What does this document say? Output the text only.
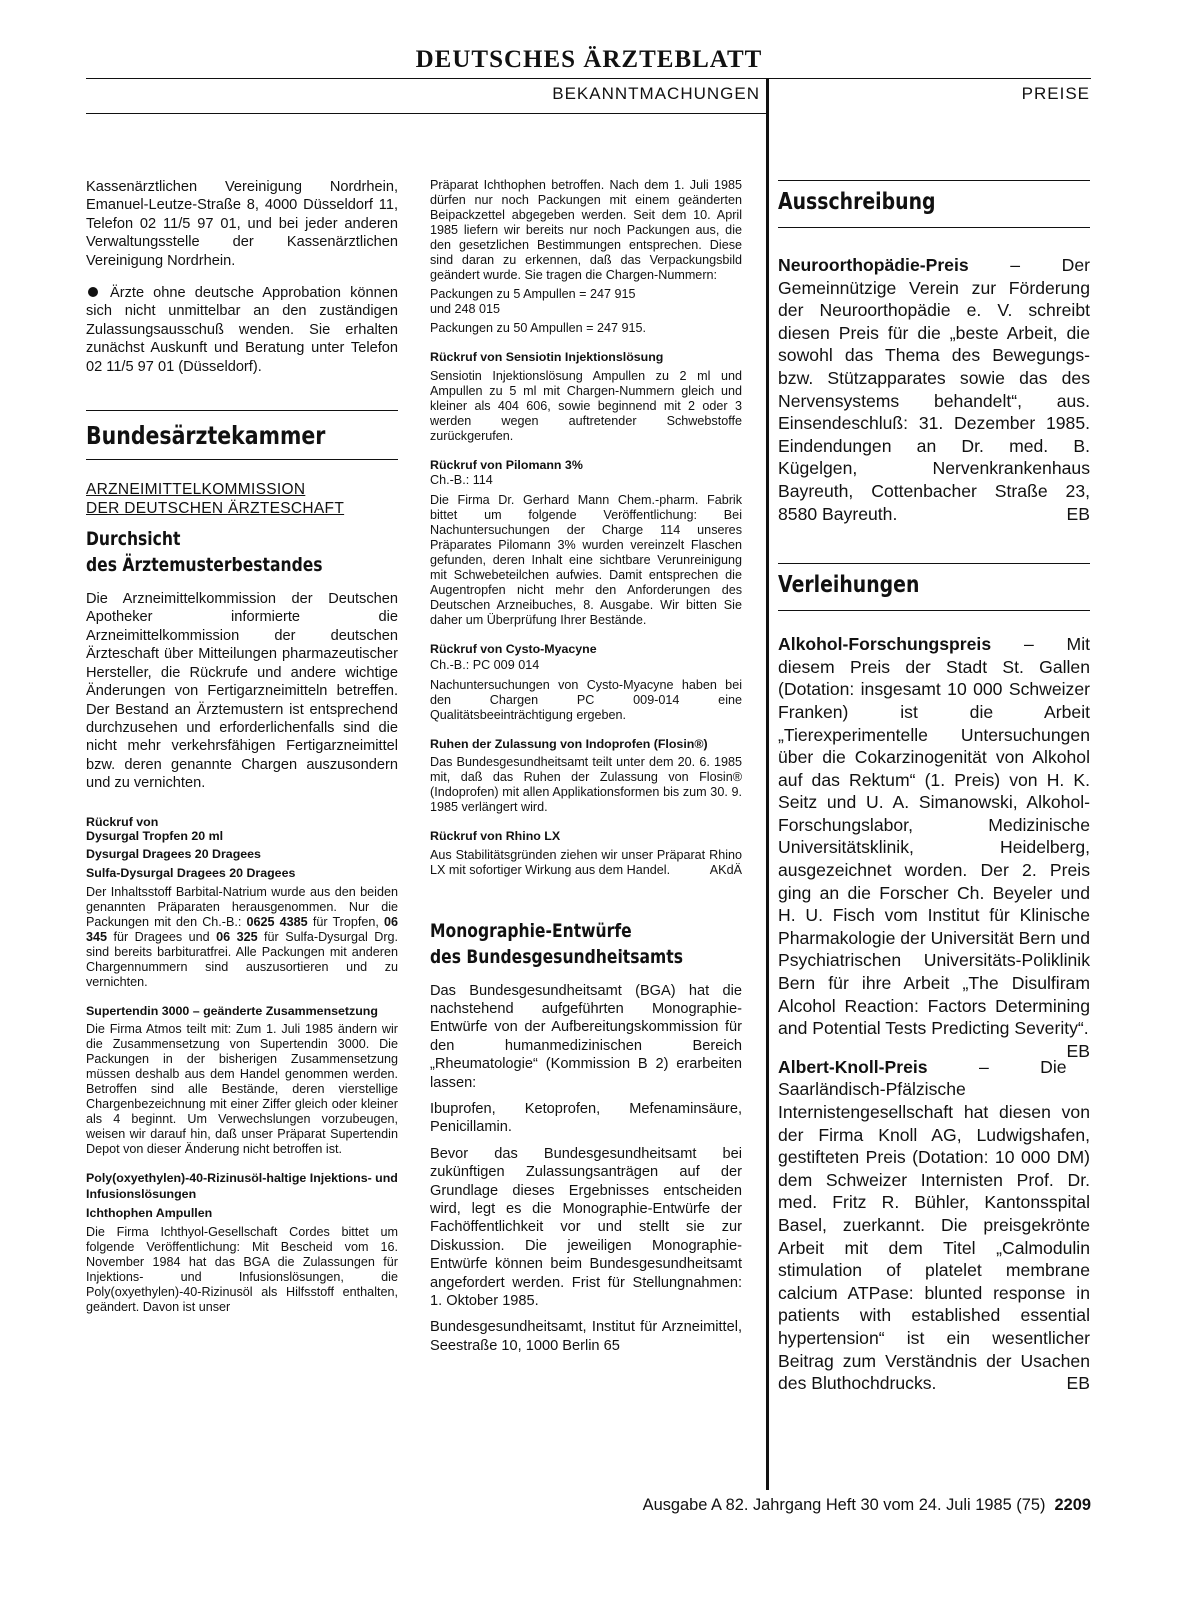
DEUTSCHES ÄRZTEBLATT
BEKANNTMACHUNGEN	PREISE

Kassenärztlichen Vereinigung Nordrhein, Emanuel-Leutze-Straße 8, 4000 Düsseldorf 11, Telefon 02 11/5 97 01, und bei jeder anderen Verwaltungsstelle der Kassenärztlichen Vereinigung Nordrhein.

Ärzte ohne deutsche Approbation können sich nicht unmittelbar an den zuständigen Zulassungsausschuß wenden. Sie erhalten zunächst Auskunft und Beratung unter Telefon 02 11/5 97 01 (Düsseldorf).

Bundesärztekammer
ARZNEIMITTELKOMMISSION
DER DEUTSCHEN ÄRZTESCHAFT
Durchsicht
des Ärztemusterbestandes

Die Arzneimittelkommission der Deutschen Apotheker informierte die Arzneimittelkommission der deutschen Ärzteschaft über Mitteilungen pharmazeutischer Hersteller, die Rückrufe und andere wichtige Änderungen von Fertigarzneimitteln betreffen. Der Bestand an Ärztemustern ist entsprechend durchzusehen und erforderlichenfalls sind die nicht mehr verkehrsfähigen Fertigarzneimittel bzw. deren genannte Chargen auszusondern und zu vernichten.

Rückruf von
Dysurgal Tropfen 20 ml
Dysurgal Dragees 20 Dragees
Sulfa-Dysurgal Dragees 20 Dragees

Der Inhaltsstoff Barbital-Natrium wurde aus den beiden genannten Präparaten herausgenommen. Nur die Packungen mit den Ch.-B.: 0625 4385 für Tropfen, 06 345 für Dragees und 06 325 für Sulfa-Dysurgal Drg. sind bereits barbituratfrei. Alle Packungen mit anderen Chargennummern sind auszusortieren und zu vernichten.

Supertendin 3000 – geänderte Zusammensetzung

Die Firma Atmos teilt mit: Zum 1. Juli 1985 ändern wir die Zusammensetzung von Supertendin 3000. Die Packungen in der bisherigen Zusammensetzung müssen deshalb aus dem Handel genommen werden. Betroffen sind alle Bestände, deren vierstellige Chargenbezeichnung mit einer Ziffer gleich oder kleiner als 4 beginnt. Um Verwechslungen vorzubeugen, weisen wir darauf hin, daß unser Präparat Supertendin Depot von dieser Änderung nicht betroffen ist.

Poly(oxyethylen)-40-Rizinusöl-haltige Injektions- und Infusionslösungen
Ichthophen Ampullen

Die Firma Ichthyol-Gesellschaft Cordes bittet um folgende Veröffentlichung: Mit Bescheid vom 16. November 1984 hat das BGA die Zulassungen für Injektions- und Infusionslösungen, die Poly(oxyethylen)-40-Rizinusöl als Hilfsstoff enthalten, geändert. Davon ist unser

Präparat Ichthophen betroffen. Nach dem 1. Juli 1985 dürfen nur noch Packungen mit einem geänderten Beipackzettel abgegeben werden. Seit dem 10. April 1985 liefern wir bereits nur noch Packungen aus, die den gesetzlichen Bestimmungen entsprechen. Diese sind daran zu erkennen, daß das Verpackungsbild geändert wurde. Sie tragen die Chargen-Nummern:

Packungen zu 5 Ampullen = 247 915

und 248 015

Packungen zu 50 Ampullen = 247 915.

Rückruf von Sensiotin Injektionslösung

Sensiotin Injektionslösung Ampullen zu 2 ml und Ampullen zu 5 ml mit Chargen-Nummern gleich und kleiner als 404 606, sowie beginnend mit 2 oder 3 werden wegen auftretender Schwebstoffe zurückgerufen.

Rückruf von Pilomann 3%

Ch.-B.: 114

Die Firma Dr. Gerhard Mann Chem.-pharm. Fabrik bittet um folgende Veröffentlichung: Bei Nachuntersuchungen der Charge 114 unseres Präparates Pilomann 3% wurden vereinzelt Flaschen gefunden, deren Inhalt eine sichtbare Verunreinigung mit Schwebeteilchen aufwies. Damit entsprechen die Augentropfen nicht mehr den Anforderungen des Deutschen Arzneibuches, 8. Ausgabe. Wir bitten Sie daher um Überprüfung Ihrer Bestände.

Rückruf von Cysto-Myacyne

Ch.-B.: PC 009 014

Nachuntersuchungen von Cysto-Myacyne haben bei den Chargen PC 009-014 eine Qualitätsbeeinträchtigung ergeben.

Ruhen der Zulassung von Indoprofen (Flosin®)

Das Bundesgesundheitsamt teilt unter dem 20. 6. 1985 mit, daß das Ruhen der Zulassung von Flosin® (Indoprofen) mit allen Applikationsformen bis zum 30. 9. 1985 verlängert wird.

Rückruf von Rhino LX

Aus Stabilitätsgründen ziehen wir unser Präparat Rhino LX mit sofortiger Wirkung aus dem Handel.	AKdÄ

Monographie-Entwürfe
des Bundesgesundheitsamts

Das Bundesgesundheitsamt (BGA) hat die nachstehend aufgeführten Monographie-Entwürfe von der Aufbereitungskommission für den humanmedizinischen Bereich „Rheumatologie“ (Kommission B 2) erarbeiten lassen:

Ibuprofen, Ketoprofen, Mefenaminsäure, Penicillamin.

Bevor das Bundesgesundheitsamt bei zukünftigen Zulassungsanträgen auf der Grundlage dieses Ergebnisses entscheiden wird, legt es die Monographie-Entwürfe der Fachöffentlichkeit vor und stellt sie zur Diskussion. Die jeweiligen Monographie-Entwürfe können beim Bundesgesundheitsamt angefordert werden. Frist für Stellungnahmen: 1. Oktober 1985.

Bundesgesundheitsamt, Institut für Arzneimittel, Seestraße 10, 1000 Berlin 65

Ausschreibung

Neuroorthopädie-Preis – Der Gemeinnützige Verein zur Förderung der Neuroorthopädie e. V. schreibt diesen Preis für die „beste Arbeit, die sowohl das Thema des Bewegungs- bzw. Stützapparates sowie das des Nervensystems behandelt“, aus. Einsendeschluß: 31. Dezember 1985. Eindendungen an Dr. med. B. Kügelgen, Nervenkrankenhaus Bayreuth, Cottenbacher Straße 23, 8580 Bayreuth.	EB

Verleihungen

Alkohol-Forschungspreis – Mit diesem Preis der Stadt St. Gallen (Dotation: insgesamt 10 000 Schweizer Franken) ist die Arbeit „Tierexperimentelle Untersuchungen über die Cokarzinogenität von Alkohol auf das Rektum“ (1. Preis) von H. K. Seitz und U. A. Simanowski, Alkohol-Forschungslabor, Medizinische Universitätsklinik, Heidelberg, ausgezeichnet worden. Der 2. Preis ging an die Forscher Ch. Beyeler und H. U. Fisch vom Institut für Klinische Pharmakologie der Universität Bern und Psychiatrischen Universitäts-Poliklinik Bern für ihre Arbeit „The Disulfiram Alcohol Reaction: Factors Determining and Potential Tests Predicting Severity“.
EB

Albert-Knoll-Preis	– Die Saarländisch-Pfälzische Internistengesellschaft hat diesen von der Firma Knoll AG, Ludwigshafen, gestifteten Preis (Dotation: 10 000 DM) dem Schweizer Internisten Prof. Dr. med. Fritz R. Bühler, Kantonsspital Basel, zuerkannt. Die preisgekrönte Arbeit mit dem Titel „Calmodulin stimulation of platelet membrane calcium ATPase: blunted response in patients with established essential hypertension“ ist ein wesentlicher Beitrag zum Verständnis der Usachen des Bluthochdrucks.	EB

Ausgabe A 82. Jahrgang Heft 30 vom 24. Juli 1985 (75) 2209
